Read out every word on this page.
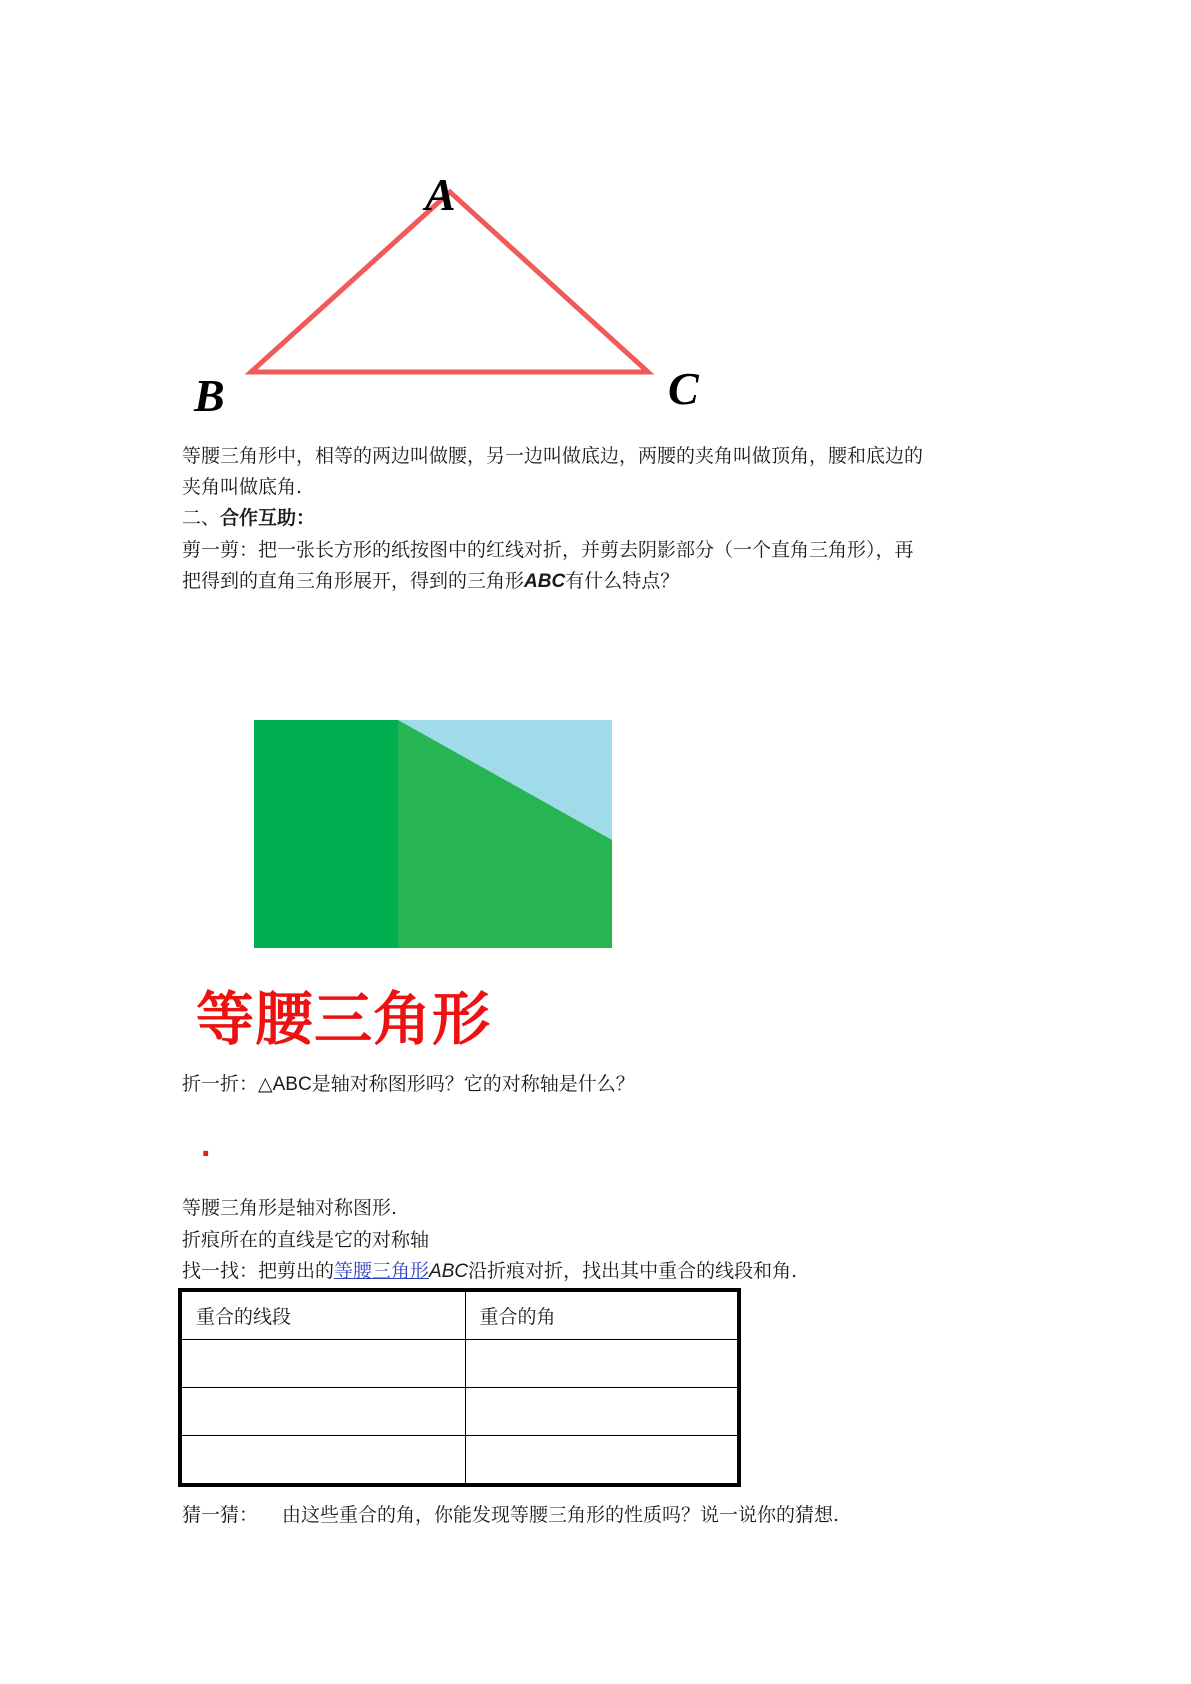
A
B	C
等腰三角形中，相等的两边叫做腰，另一边叫做底边，两腰的夹角叫做顶角，腰和底边的
夹角叫做底角.
二、合作互助：
剪一剪：把一张长方形的纸按图中的红线对折，并剪去阴影部分（一个直角三角形），再
把得到的直角三角形展开，得到的三角形ABC有什么特点？
等腰三角形
折一折：△ABC是轴对称图形吗？它的对称轴是什么？
.
等腰三角形是轴对称图形.
折痕所在的直线是它的对称轴
找一找：把剪出的等腰三角形ABC沿折痕对折，找出其中重合的线段和角.
重合的线段	重合的角

猜一猜： 由这些重合的角，你能发现等腰三角形的性质吗？说一说你的猜想.
